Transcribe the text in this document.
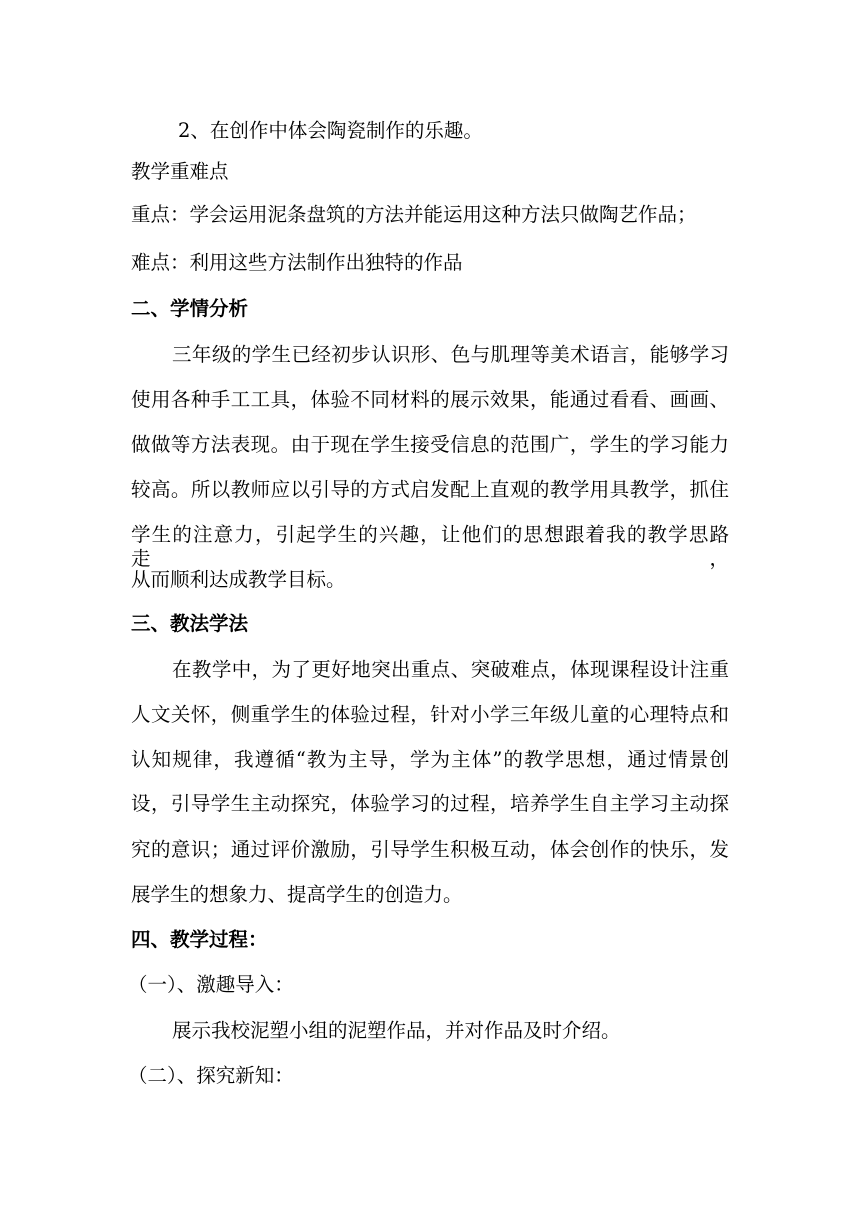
2、在创作中体会陶瓷制作的乐趣。
教学重难点
重点：学会运用泥条盘筑的方法并能运用这种方法只做陶艺作品；
难点：利用这些方法制作出独特的作品
二、学情分析
三年级的学生已经初步认识形、色与肌理等美术语言，能够学习
使用各种手工工具，体验不同材料的展示效果，能通过看看、画画、
做做等方法表现。由于现在学生接受信息的范围广，学生的学习能力
较高。所以教师应以引导的方式启发配上直观的教学用具教学，抓住
学生的注意力，引起学生的兴趣，让他们的思想跟着我的教学思路走，
从而顺利达成教学目标。
三、教法学法
在教学中，为了更好地突出重点、突破难点，体现课程设计注重
人文关怀，侧重学生的体验过程，针对小学三年级儿童的心理特点和
认知规律，我遵循“教为主导，学为主体”的教学思想，通过情景创
设，引导学生主动探究，体验学习的过程，培养学生自主学习主动探
究的意识；通过评价激励，引导学生积极互动，体会创作的快乐，发
展学生的想象力、提高学生的创造力。
四、教学过程：
（一）、激趣导入：
展示我校泥塑小组的泥塑作品，并对作品及时介绍。
（二）、探究新知：
